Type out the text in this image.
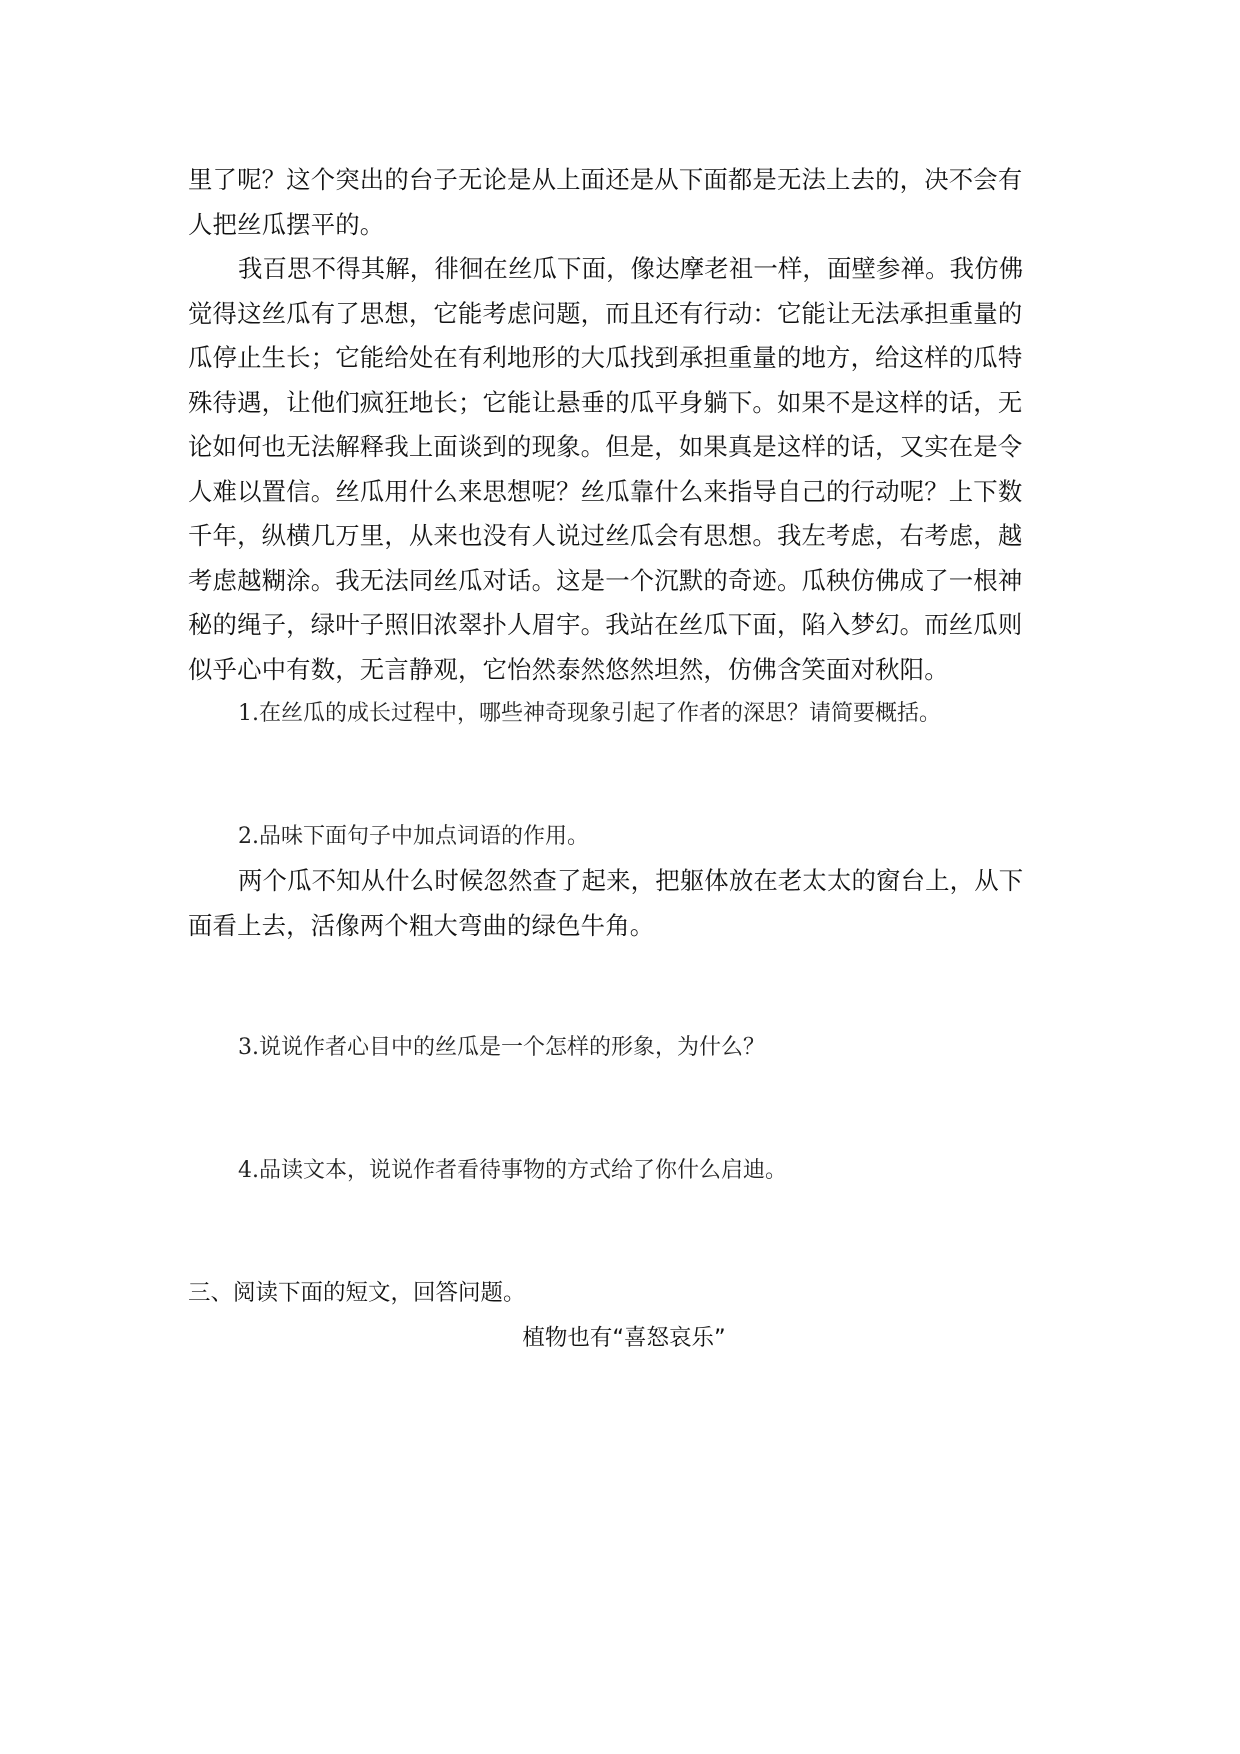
里了呢？这个突出的台子无论是从上面还是从下面都是无法上去的，决不会有
人把丝瓜摆平的。
我百思不得其解，徘徊在丝瓜下面，像达摩老祖一样，面壁参禅。我仿佛
觉得这丝瓜有了思想，它能考虑问题，而且还有行动：它能让无法承担重量的
瓜停止生长；它能给处在有利地形的大瓜找到承担重量的地方，给这样的瓜特
殊待遇，让他们疯狂地长；它能让悬垂的瓜平身躺下。如果不是这样的话，无
论如何也无法解释我上面谈到的现象。但是，如果真是这样的话，又实在是令
人难以置信。丝瓜用什么来思想呢？丝瓜靠什么来指导自己的行动呢？上下数
千年，纵横几万里，从来也没有人说过丝瓜会有思想。我左考虑，右考虑，越
考虑越糊涂。我无法同丝瓜对话。这是一个沉默的奇迹。瓜秧仿佛成了一根神
秘的绳子，绿叶子照旧浓翠扑人眉宇。我站在丝瓜下面，陷入梦幻。而丝瓜则
似乎心中有数，无言静观，它怡然泰然悠然坦然，仿佛含笑面对秋阳。
1.在丝瓜的成长过程中，哪些神奇现象引起了作者的深思？请简要概括。
2.品味下面句子中加点词语的作用。
两个瓜不知从什么时候忽然查了起来，把躯体放在老太太的窗台上，从下
面看上去，活像两个粗大弯曲的绿色牛角。
3.说说作者心目中的丝瓜是一个怎样的形象，为什么？
4.品读文本，说说作者看待事物的方式给了你什么启迪。
三、阅读下面的短文，回答问题。
植物也有“喜怒哀乐”
